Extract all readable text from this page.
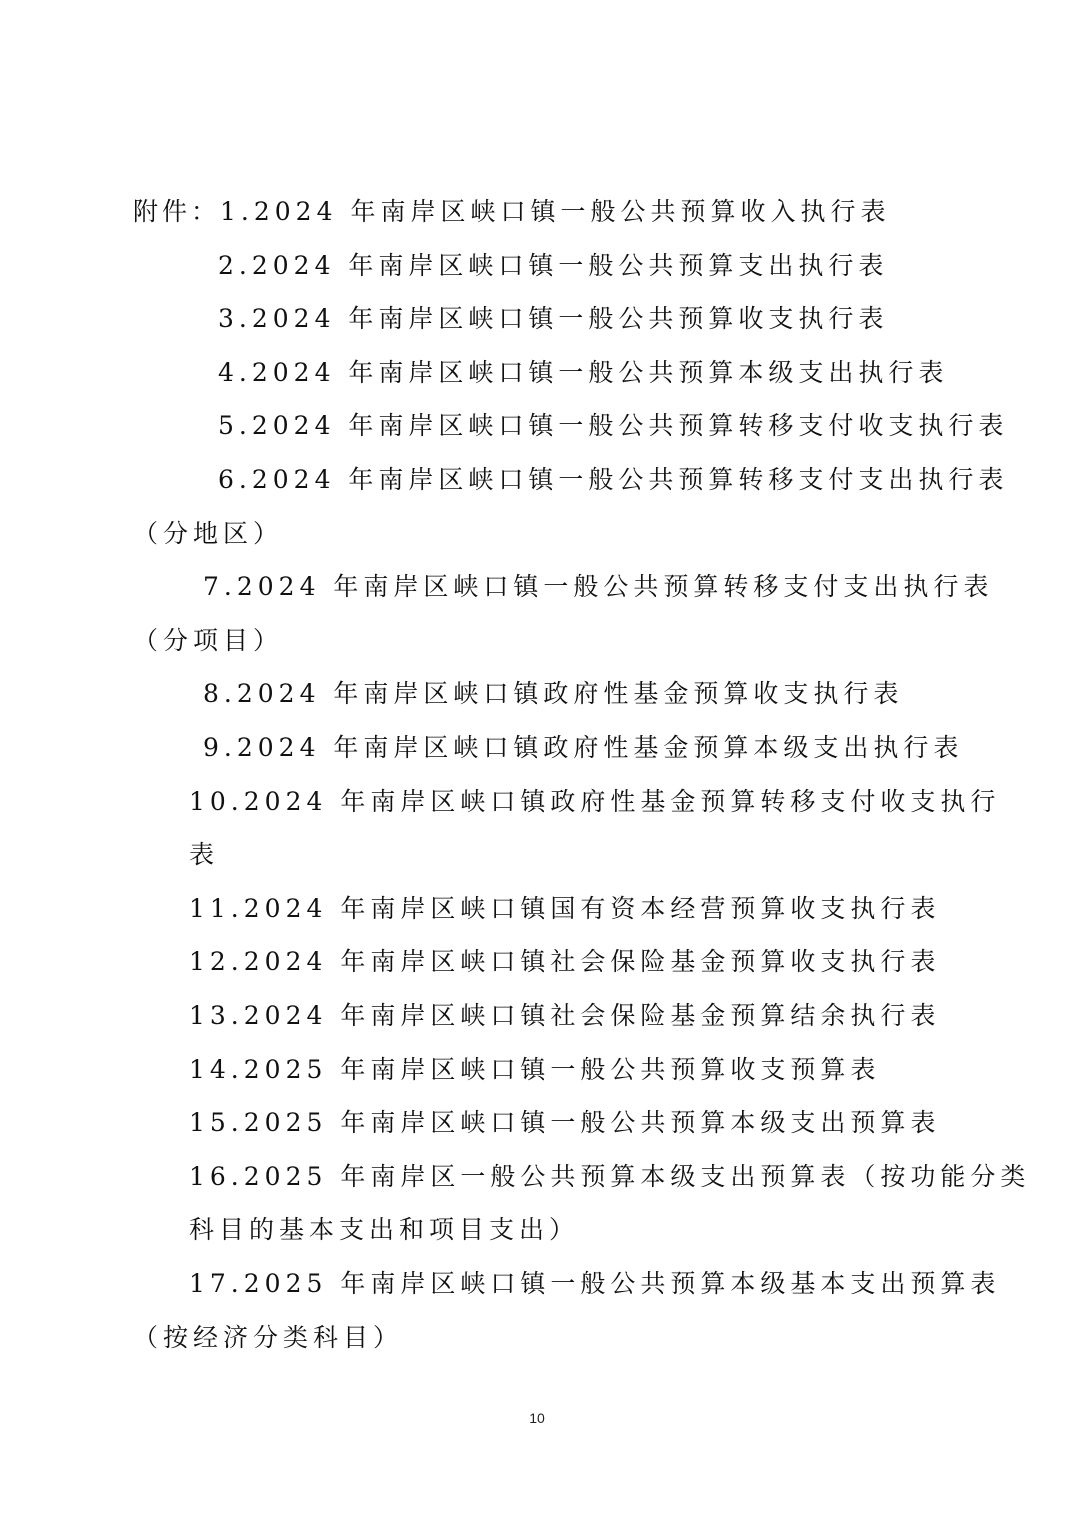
附件：1.2024 年南岸区峡口镇一般公共预算收入执行表
2.2024 年南岸区峡口镇一般公共预算支出执行表
3.2024 年南岸区峡口镇一般公共预算收支执行表
4.2024 年南岸区峡口镇一般公共预算本级支出执行表
5.2024 年南岸区峡口镇一般公共预算转移支付收支执行表
6.2024 年南岸区峡口镇一般公共预算转移支付支出执行表
（分地区）
7.2024 年南岸区峡口镇一般公共预算转移支付支出执行表
（分项目）
8.2024 年南岸区峡口镇政府性基金预算收支执行表
9.2024 年南岸区峡口镇政府性基金预算本级支出执行表
10.2024 年南岸区峡口镇政府性基金预算转移支付收支执行
表
11.2024 年南岸区峡口镇国有资本经营预算收支执行表
12.2024 年南岸区峡口镇社会保险基金预算收支执行表
13.2024 年南岸区峡口镇社会保险基金预算结余执行表
14.2025 年南岸区峡口镇一般公共预算收支预算表
15.2025 年南岸区峡口镇一般公共预算本级支出预算表
16.2025 年南岸区一般公共预算本级支出预算表（按功能分类
科目的基本支出和项目支出）
17.2025 年南岸区峡口镇一般公共预算本级基本支出预算表
（按经济分类科目）
10
